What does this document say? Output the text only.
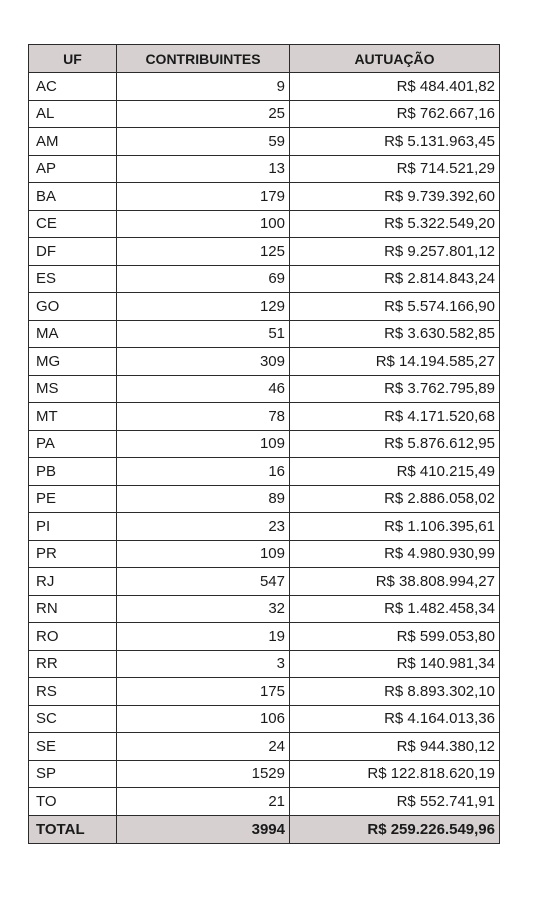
UF	CONTRIBUINTES	AUTUAÇÃO
AC	9	R$ 484.401,82
AL	25	R$ 762.667,16
AM	59	R$ 5.131.963,45
AP	13	R$ 714.521,29
BA	179	R$ 9.739.392,60
CE	100	R$ 5.322.549,20
DF	125	R$ 9.257.801,12
ES	69	R$ 2.814.843,24
GO	129	R$ 5.574.166,90
MA	51	R$ 3.630.582,85
MG	309	R$ 14.194.585,27
MS	46	R$ 3.762.795,89
MT	78	R$ 4.171.520,68
PA	109	R$ 5.876.612,95
PB	16	R$ 410.215,49
PE	89	R$ 2.886.058,02
PI	23	R$ 1.106.395,61
PR	109	R$ 4.980.930,99
RJ	547	R$ 38.808.994,27
RN	32	R$ 1.482.458,34
RO	19	R$ 599.053,80
RR	3	R$ 140.981,34
RS	175	R$ 8.893.302,10
SC	106	R$ 4.164.013,36
SE	24	R$ 944.380,12
SP	1529	R$ 122.818.620,19
TO	21	R$ 552.741,91
TOTAL	3994	R$ 259.226.549,96
